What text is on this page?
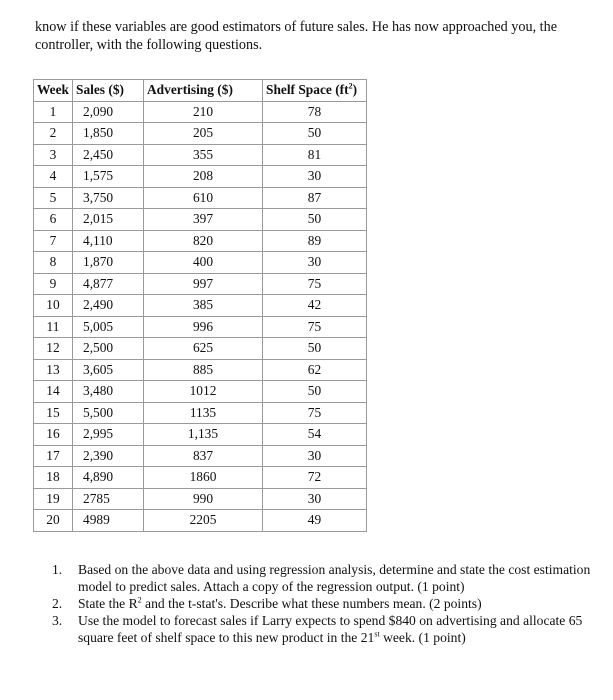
know if these variables are good estimators of future sales. He has now approached you, the
controller, with the following questions.
Week	Sales ($)	Advertising ($)	Shelf Space $(ft^2)$
1	2,090	210	78
2	1,850	205	50
3	2,450	355	81
4	1,575	208	30
5	3,750	610	87
6	2,015	397	50
7	4,110	820	89
8	1,870	400	30
9	4,877	997	75
10	2,490	385	42
11	5,005	996	75
12	2,500	625	50
13	3,605	885	62
14	3,480	1012	50
15	5,500	1135	75
16	2,995	1,135	54
17	2,390	837	30
18	4,890	1860	72
19	2785	990	30
20	4989	2205	49
1.	Based on the above data and using regression analysis, determine and state the cost estimation model to predict sales. Attach a copy of the regression output. (1 point)
2.	State the $R^2$ and the t-stat's. Describe what these numbers mean. (2 points)
3.	Use the model to forecast sales if Larry expects to spend $840 on advertising and allocate 65 square feet of shelf space to this new product in the 21st week. (1 point)
